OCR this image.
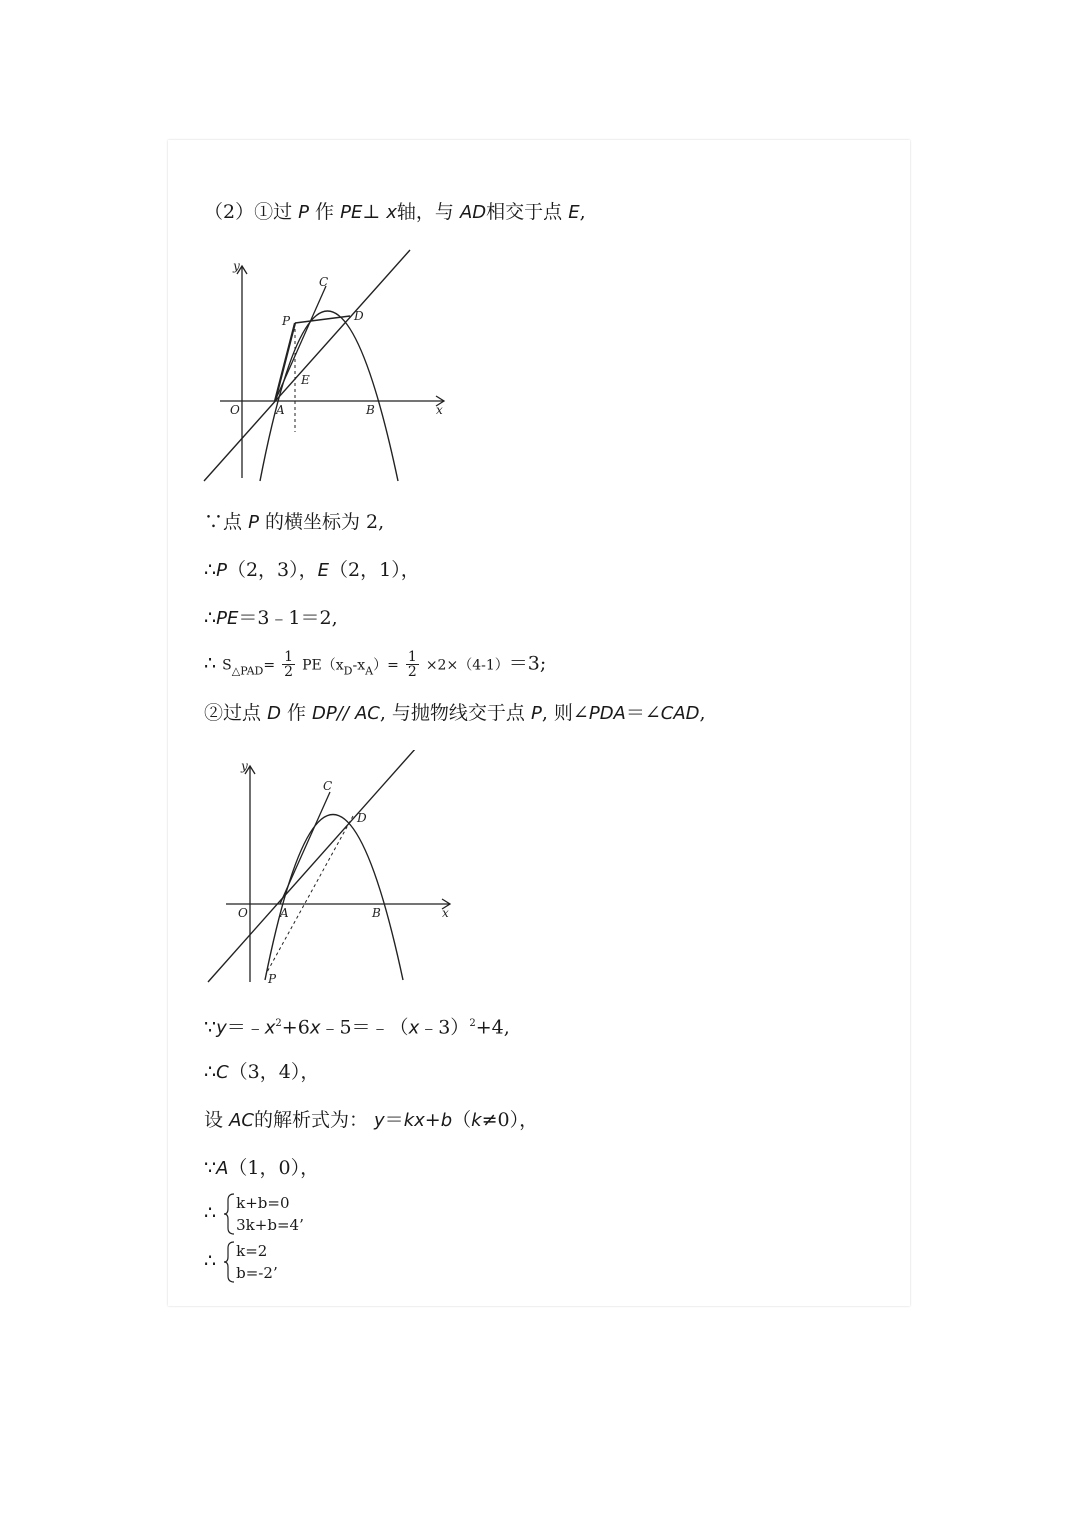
（2）①过 P 作 PE⊥ x轴，与 AD相交于点 E,
y
x
O	A	B
C
D
P
E
∵点 P 的横坐标为 2,
∴P（2，3），E（2，1），
∴PE＝3﹣1＝2,
∴ $S_{\triangle PAD}= \frac{1}{2} PE(x_D-x_A)= \frac{1}{2} \times 2\times(4-1)=3$;
②过点 D 作 DP// AC, 与抛物线交于点 P, 则∠PDA＝∠CAD,
y
x
O	A	B
C
D
P
$\because y=﹣x^2+6x﹣5=﹣(x﹣3)^2+4$,
∴C（3，4），
设 AC的解析式为： y＝kx+b（k≠0），
∵A（1，0），
∴ k+b=0
3k+b=4’
∴ k=2
b=-2’
